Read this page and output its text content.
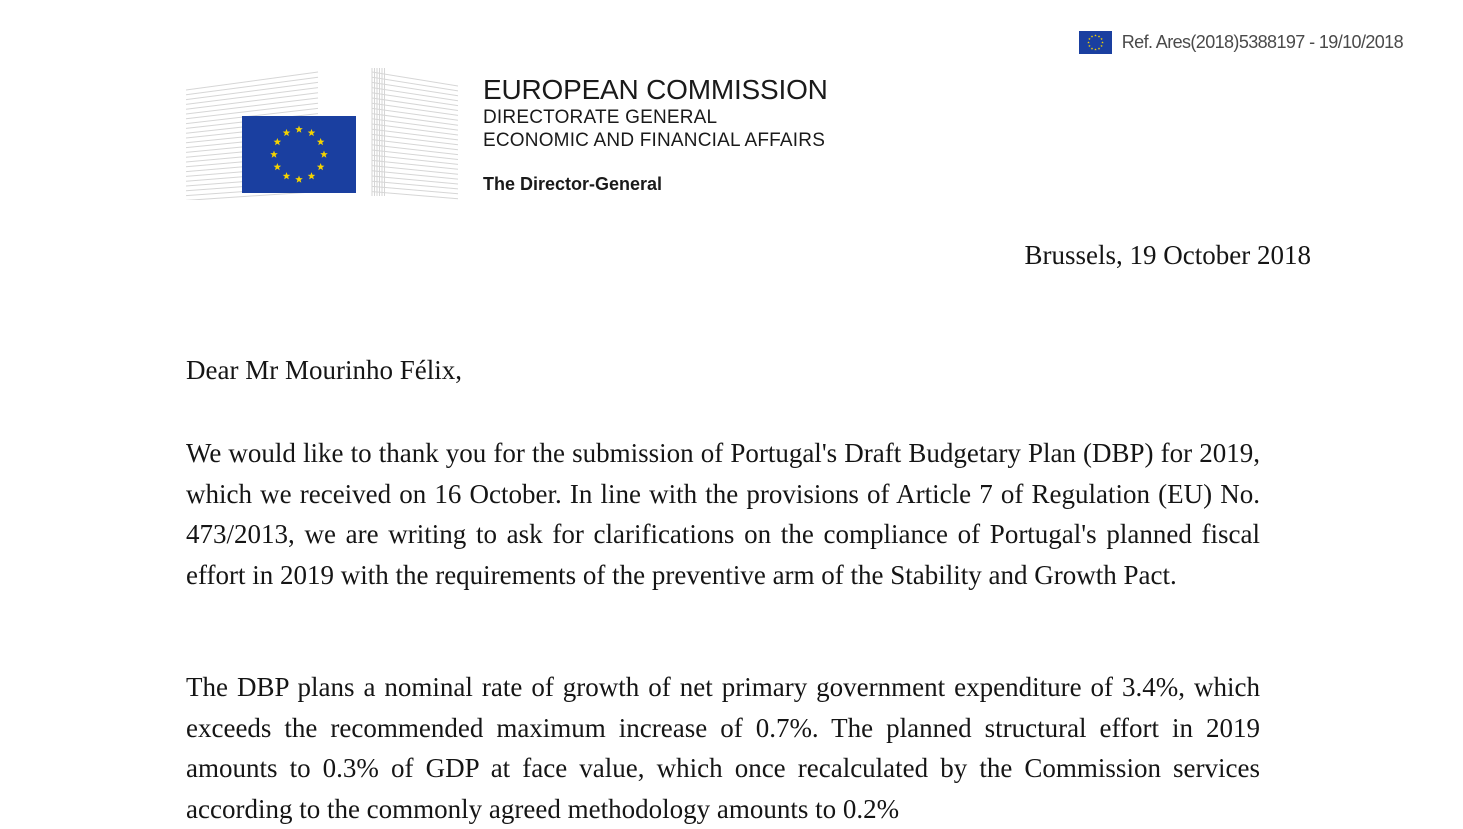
Ref. Ares(2018)5388197 - 19/10/2018
EUROPEAN COMMISSION
DIRECTORATE GENERAL
ECONOMIC AND FINANCIAL AFFAIRS
The Director-General
Brussels, 19 October 2018
Dear Mr Mourinho Félix,

We would like to thank you for the submission of Portugal's Draft Budgetary Plan (DBP) for 2019, which we received on 16 October. In line with the provisions of Article 7 of Regulation (EU) No. 473/2013, we are writing to ask for clarifications on the compliance of Portugal's planned fiscal effort in 2019 with the requirements of the preventive arm of the Stability and Growth Pact.

The DBP plans a nominal rate of growth of net primary government expenditure of 3.4%, which exceeds the recommended maximum increase of 0.7%. The planned structural effort in 2019 amounts to 0.3% of GDP at face value, which once recalculated by the Commission services according to the commonly agreed methodology amounts to 0.2%
